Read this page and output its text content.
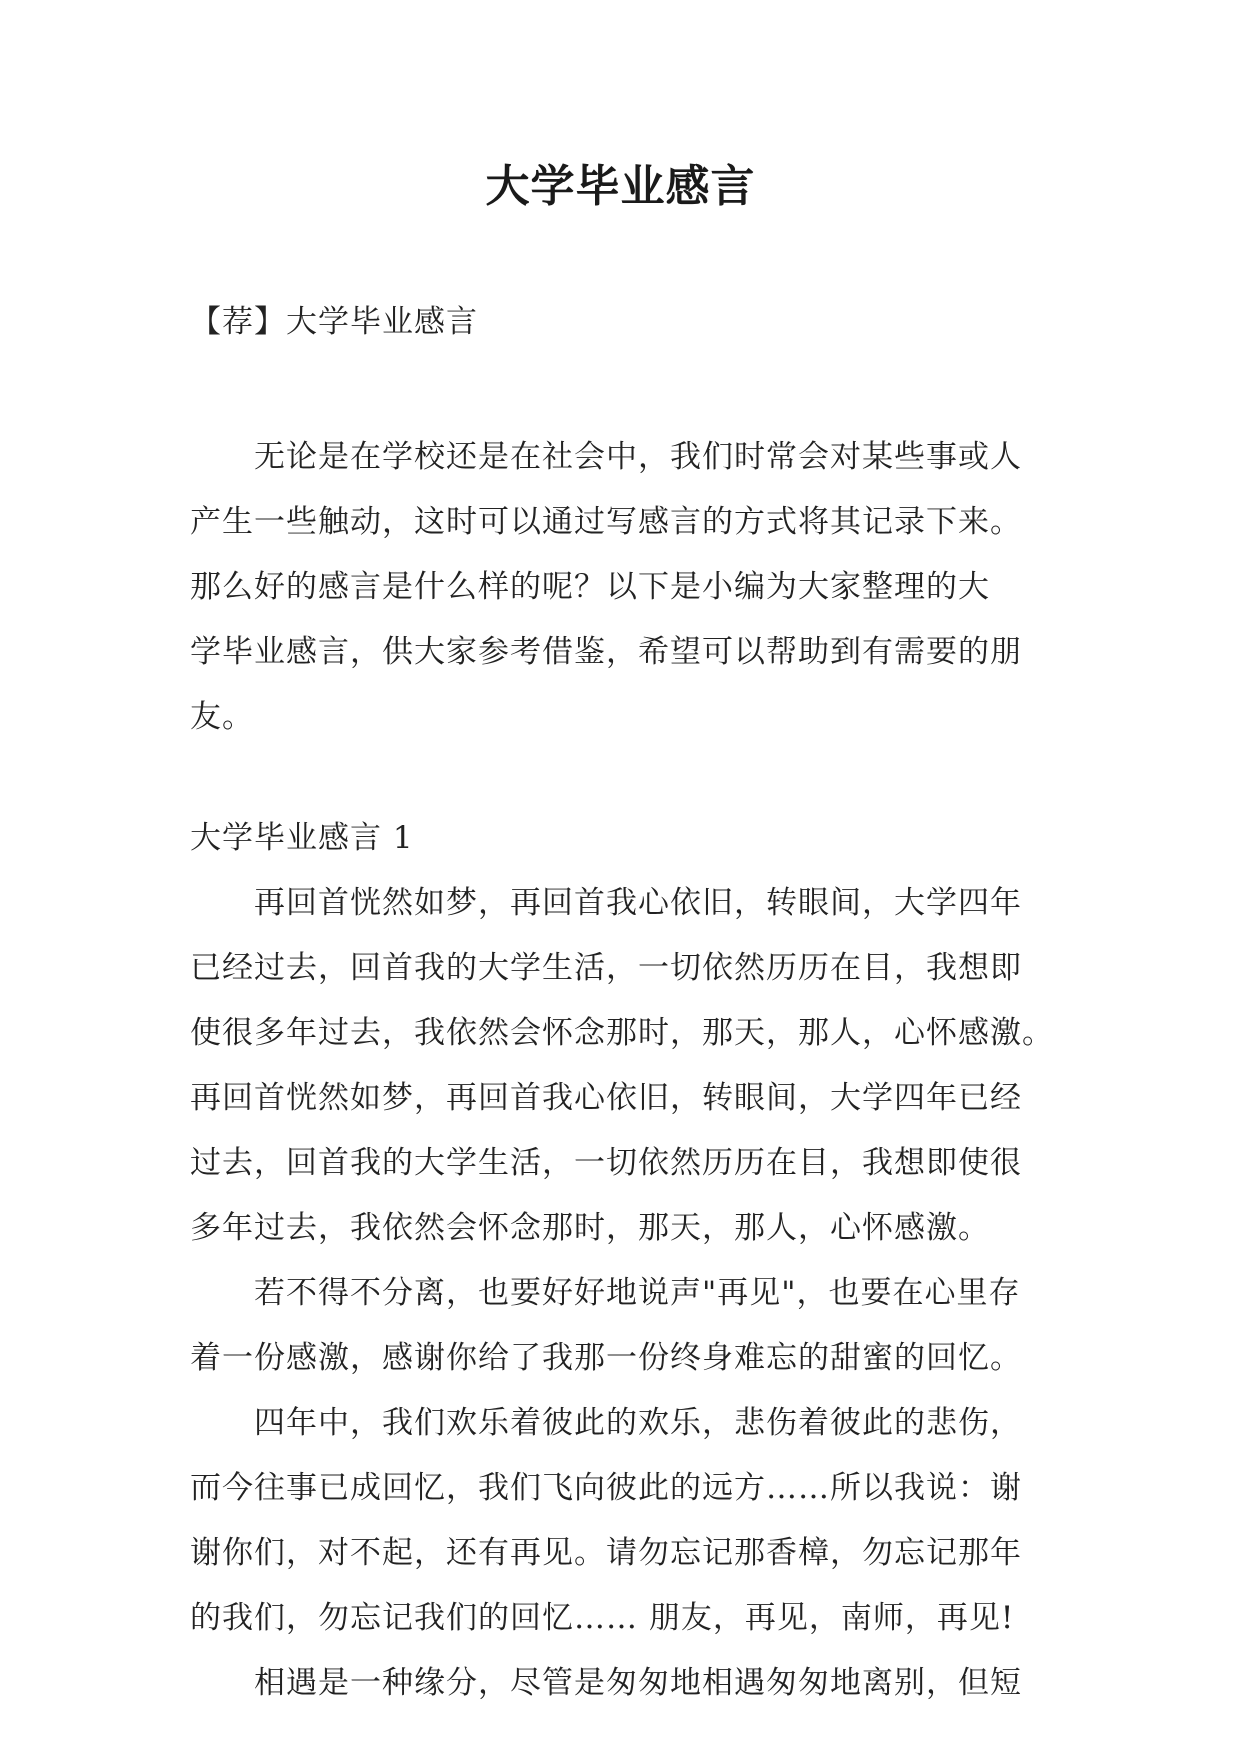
大学毕业感言
【荐】大学毕业感言
无论是在学校还是在社会中，我们时常会对某些事或人
产生一些触动，这时可以通过写感言的方式将其记录下来。
那么好的感言是什么样的呢？以下是小编为大家整理的大
学毕业感言，供大家参考借鉴，希望可以帮助到有需要的朋
友。
大学毕业感言 1
再回首恍然如梦，再回首我心依旧，转眼间，大学四年
已经过去，回首我的大学生活，一切依然历历在目，我想即
使很多年过去，我依然会怀念那时，那天，那人，心怀感激。
再回首恍然如梦，再回首我心依旧，转眼间，大学四年已经
过去，回首我的大学生活，一切依然历历在目，我想即使很
多年过去，我依然会怀念那时，那天，那人，心怀感激。
若不得不分离，也要好好地说声"再见"，也要在心里存
着一份感激，感谢你给了我那一份终身难忘的甜蜜的回忆。
四年中，我们欢乐着彼此的欢乐，悲伤着彼此的悲伤，
而今往事已成回忆，我们飞向彼此的远方……所以我说：谢
谢你们，对不起，还有再见。请勿忘记那香樟，勿忘记那年
的我们，勿忘记我们的回忆…… 朋友，再见，南师，再见!
相遇是一种缘分，尽管是匆匆地相遇匆匆地离别，但短
